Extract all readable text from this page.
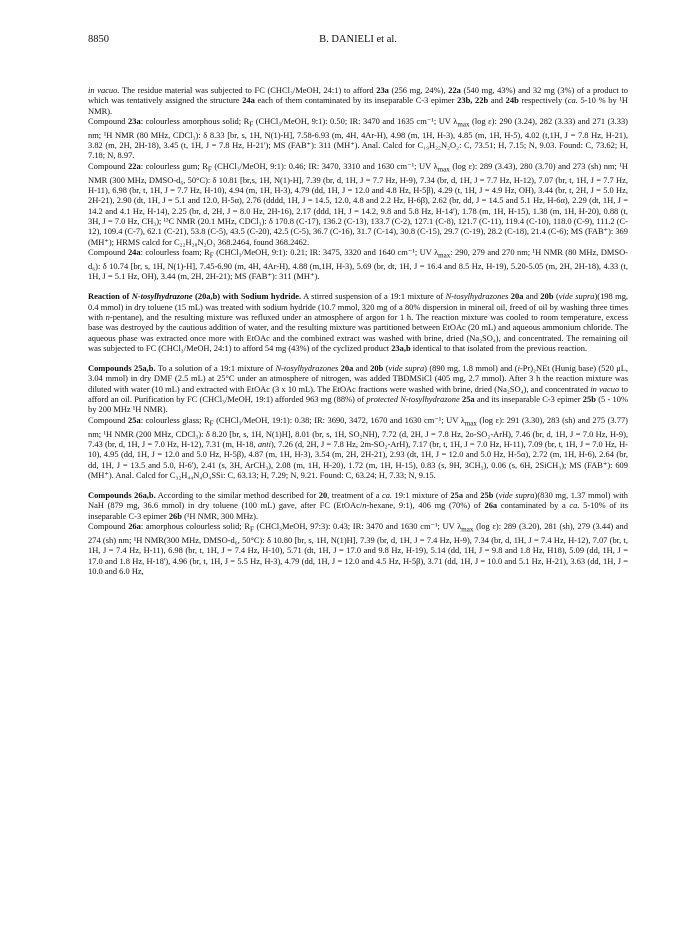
8850	B. DANIELI et al.

in vacuo. The residue material was subjected to FC (CHCl₃/MeOH, 24:1) to afford 23a (256 mg, 24%), 22a (540 mg, 43%) and 32 mg (3%) of a product to which was tentatively assigned the structure 24a each of them contaminated by its inseparable C-3 epimer 23b, 22b and 24b respectively (ca. 5-10 % by ¹H NMR).

Compound 23a: colourless amorphous solid; $R_F$ (CHCl₃/MeOH, 9:1): 0.50; IR: 3470 and 1635 cm⁻¹; UV $\lambda_{max}$ (log ε): 290 (3.24), 282 (3.33) and 271 (3.33) nm; ¹H NMR (80 MHz, CDCl₃): δ 8.33 [br, s, 1H, N(1)-H], 7.58-6.93 (m, 4H, 4Ar-H), 4.98 (m, 1H, H-3), 4.85 (m, 1H, H-5), 4.02 (t,1H, J = 7.8 Hz, H-21), 3.82 (m, 2H, 2H-18), 3.45 (t, 1H, J = 7.8 Hz, H-21'); MS (FAB⁺): 311 (MH⁺). Anal. Calcd for C₁₉H₂₂N₂O₂: C, 73.51; H, 7.15; N, 9.03. Found: C, 73.62; H, 7.18; N, 8.97.

Compound 22a: colourless gum; $R_F$ (CHCl₃/MeOH, 9:1): 0.46; IR: 3470, 3310 and 1630 cm⁻¹; UV $\lambda_{max}$ (log ε): 289 (3.43), 280 (3.70) and 273 (sh) nm; ¹H NMR (300 MHz, DMSO-d₆, 50°C): δ 10.81 [br,s, 1H, N(1)-H], 7.39 (br, d, 1H, J = 7.7 Hz, H-9), 7.34 (br, d, 1H, J = 7.7 Hz, H-12), 7.07 (br, t, 1H, J = 7.7 Hz, H-11), 6.98 (br, t, 1H, J = 7.7 Hz, H-10), 4.94 (m, 1H, H-3), 4.79 (dd, 1H, J = 12.0 and 4.8 Hz, H-5β), 4.29 (t, 1H, J = 4.9 Hz, OH), 3.44 (br, t, 2H, J = 5.0 Hz, 2H-21), 2.90 (dt, 1H, J = 5.1 and 12.0, H-5α), 2.76 (dddd, 1H, J = 14.5, 12.0, 4.8 and 2.2 Hz, H-6β), 2.62 (br, dd, J = 14.5 and 5.1 Hz, H-6α), 2.29 (dt, 1H, J = 14.2 and 4.1 Hz, H-14), 2.25 (br, d, 2H, J = 8.0 Hz, 2H-16), 2.17 (ddd, 1H, J = 14.2, 9.8 and 5.8 Hz, H-14'), 1.78 (m, 1H, H-15), 1.38 (m, 1H, H-20), 0.88 (t, 3H, J = 7.0 Hz, CH₃); ¹³C NMR (20.1 MHz, CDCl₃): δ 170.8 (C-17), 136.2 (C-13), 133.7 (C-2), 127.1 (C-8), 121.7 (C-11), 119.4 (C-10), 118.0 (C-9), 111.2 (C-12), 109.4 (C-7), 62.1 (C-21), 53.8 (C-5), 43.5 (C-20), 42.5 (C-5), 36.7 (C-16), 31.7 (C-14), 30.8 (C-15), 29.7 (C-19), 28.2 (C-18), 21.4 (C-6); MS (FAB⁺): 369 (MH⁺); HRMS calcd for C₂₂H₂₈N₂O₃ 368.2464, found 368.2462.

Compound 24a: colourless foam; $R_F$ (CHCl₃/MeOH, 9:1): 0.21; IR: 3475, 3320 and 1640 cm⁻¹; UV $\lambda_{max}$: 290, 279 and 270 nm; ¹H NMR (80 MHz, DMSO-d₆): δ 10.74 [br, s, 1H, N(1)-H], 7.45-6.90 (m, 4H, 4Ar-H), 4.88 (m,1H, H-3), 5.69 (br, dt, 1H, J = 16.4 and 8.5 Hz, H-19), 5.20-5.05 (m, 2H, 2H-18), 4.33 (t, 1H, J = 5.1 Hz, OH), 3.44 (m, 2H, 2H-21); MS (FAB⁺): 311 (MH⁺).

Reaction of N-tosylhydrazone (20a,b) with Sodium hydride. A stirred suspension of a 19:1 mixture of N-tosylhydrazones 20a and 20b (vide supra)(198 mg, 0.4 mmol) in dry toluene (15 mL) was treated with sodium hydride (10.7 mmol, 320 mg of a 80% dispersion in mineral oil, freed of oil by washing three times with n-pentane), and the resulting mixture was refluxed under an atmosphere of argon for 1 h. The reaction mixture was cooled to room temperature, excess base was destroyed by the cautious addition of water, and the resulting mixture was partitioned between EtOAc (20 mL) and aqueous ammonium chloride. The aqueous phase was extracted once more with EtOAc and the combined extract was washed with brine, dried (Na₂SO₄), and concentrated. The remaining oil was subjected to FC (CHCl₃/MeOH, 24:1) to afford 54 mg (43%) of the cyclized product 23a,b identical to that isolated from the previous reaction.

Compounds 25a,b. To a solution of a 19:1 mixture of N-tosylhydrazones 20a and 20b (vide supra) (890 mg, 1.8 mmol) and (i-Pr)₂NEt (Hunig base) (520 μL, 3.04 mmol) in dry DMF (2.5 mL) at 25°C under an atmosphere of nitrogen, was added TBDMSiCl (405 mg, 2.7 mmol). After 3 h the reaction mixture was diluted with water (10 mL) and extracted with EtOAc (3 x 10 mL). The EtOAc fractions were washed with brine, dried (Na₂SO₄), and concentrated in vacuo to afford an oil. Purification by FC (CHCl₃/MeOH, 19:1) afforded 963 mg (88%) of protected N-tosylhydrazone 25a and its inseparable C-3 epimer 25b (5 - 10% by 200 MHz ¹H NMR).

Compound 25a: colourless glass; $R_F$ (CHCl₃/MeOH, 19:1): 0.38; IR: 3690, 3472, 1670 and 1630 cm⁻¹; UV $\lambda_{max}$ (log ε): 291 (3.30), 283 (sh) and 275 (3.77) nm; ¹H NMR (200 MHz, CDCl₃): δ 8.20 [br, s, 1H, N(1)H], 8.01 (br, s, 1H, SO₂NH), 7.72 (d, 2H, J = 7.8 Hz, 2o-SO₂-ArH), 7.46 (br, d, 1H, J = 7.0 Hz, H-9), 7.43 (br, d, 1H, J = 7.0 Hz, H-12), 7.31 (m, H-18, anti), 7.26 (d, 2H, J = 7.8 Hz, 2m-SO₂-ArH), 7.17 (br, t, 1H, J = 7.0 Hz, H-11), 7.09 (br, t, 1H, J = 7.0 Hz, H-10), 4.95 (dd, 1H, J = 12.0 and 5.0 Hz, H-5β), 4.87 (m, 1H, H-3), 3.54 (m, 2H, 2H-21), 2.93 (dt, 1H, J = 12.0 and 5.0 Hz, H-5α), 2.72 (m, 1H, H-6), 2.64 (br, dd, 1H, J = 13.5 and 5.0, H-6'), 2.41 (s, 3H, ArCH₃), 2.08 (m, 1H, H-20), 1.72 (m, 1H, H-15), 0.83 (s, 9H, 3CH₃), 0.06 (s, 6H, 2SiCH₃); MS (FAB⁺): 609 (MH⁺). Anal. Calcd for C₃₂H₄₄N₄O₄SSi: C, 63.13; H, 7.29; N, 9.21. Found: C, 63.24; H, 7.33; N, 9.15.

Compounds 26a,b. According to the similar method described for 20, treatment of a ca. 19:1 mixture of 25a and 25b (vide supra)(830 mg, 1.37 mmol) with NaH (879 mg, 36.6 mmol) in dry toluene (100 mL) gave, after FC (EtOAc/n-hexane, 9:1), 406 mg (70%) of 26a contaminated by a ca. 5-10% of its inseparable C-3 epimer 26b (¹H NMR, 300 MHz).

Compound 26a: amorphous colourless solid; $R_F$ (CHCl₃MeOH, 97:3): 0.43; IR: 3470 and 1630 cm⁻¹; UV $\lambda_{max}$ (log ε): 289 (3.20), 281 (sh), 279 (3.44) and 274 (sh) nm; ¹H NMR(300 MHz, DMSO-d₆, 50°C): δ 10.80 [br, s, 1H, N(1)H], 7.39 (br, d, 1H, J = 7.4 Hz, H-9), 7.34 (br, d, 1H, J = 7.4 Hz, H-12), 7.07 (br, t, 1H, J = 7.4 Hz, H-11), 6.98 (br, t, 1H, J = 7.4 Hz, H-10), 5.71 (dt, 1H, J = 17.0 and 9.8 Hz, H-19), 5.14 (dd, 1H, J = 9.8 and 1.8 Hz, H18), 5.09 (dd, 1H, J = 17.0 and 1.8 Hz, H-18'), 4.96 (br, t, 1H, J = 5.5 Hz, H-3), 4.79 (dd, 1H, J = 12.0 and 4.5 Hz, H-5β), 3.71 (dd, 1H, J = 10.0 and 5.1 Hz, H-21), 3.63 (dd, 1H, J = 10.0 and 6.0 Hz,
